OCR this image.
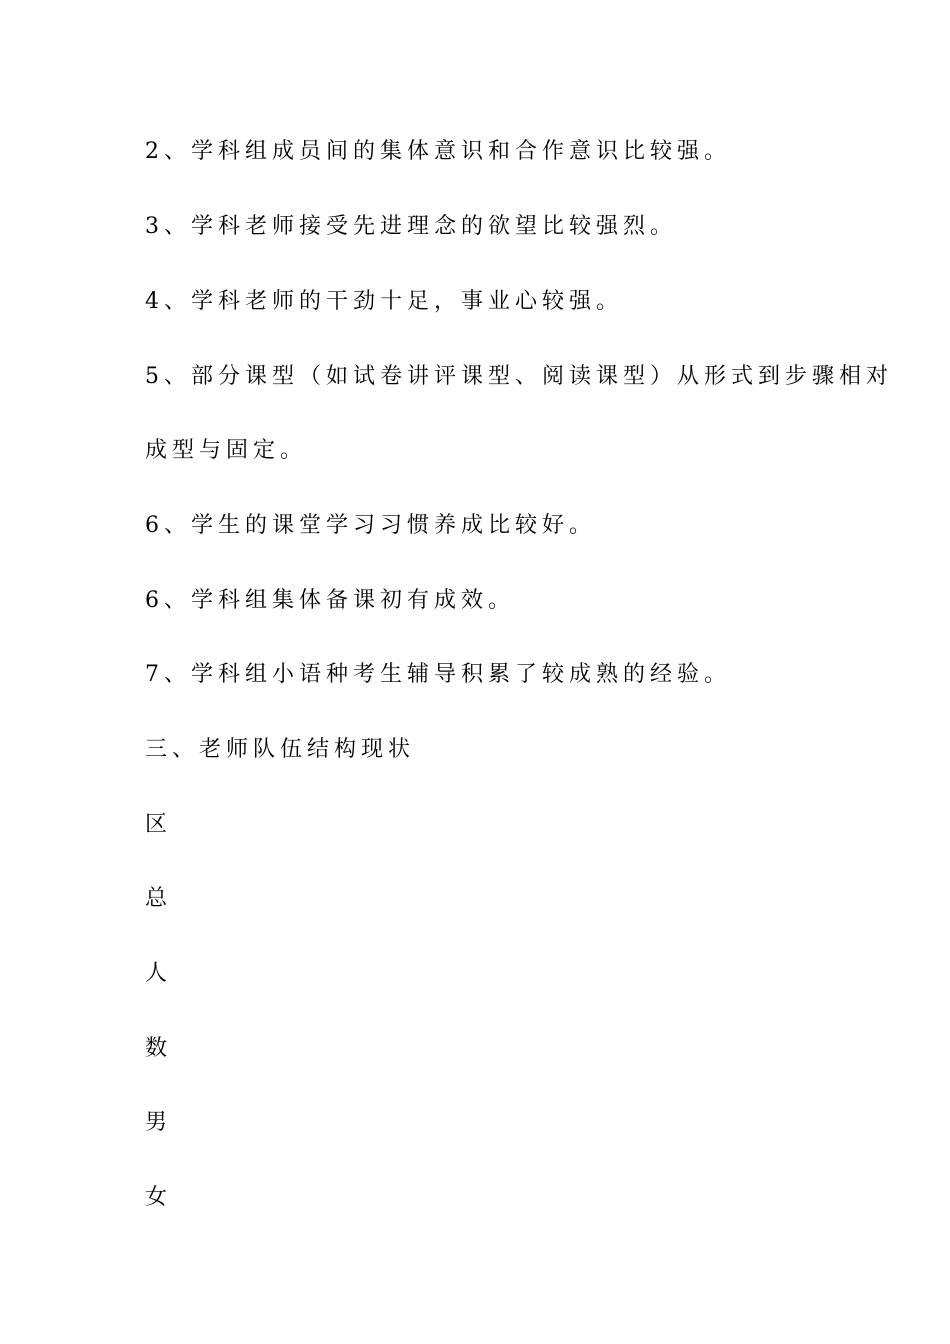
2、学科组成员间的集体意识和合作意识比较强。
3、学科老师接受先进理念的欲望比较强烈。
4、学科老师的干劲十足，事业心较强。
5、部分课型（如试卷讲评课型、阅读课型）从形式到步骤相对
成型与固定。
6、学生的课堂学习习惯养成比较好。
6、学科组集体备课初有成效。
7、学科组小语种考生辅导积累了较成熟的经验。
三、老师队伍结构现状
区
总
人
数
男
女
